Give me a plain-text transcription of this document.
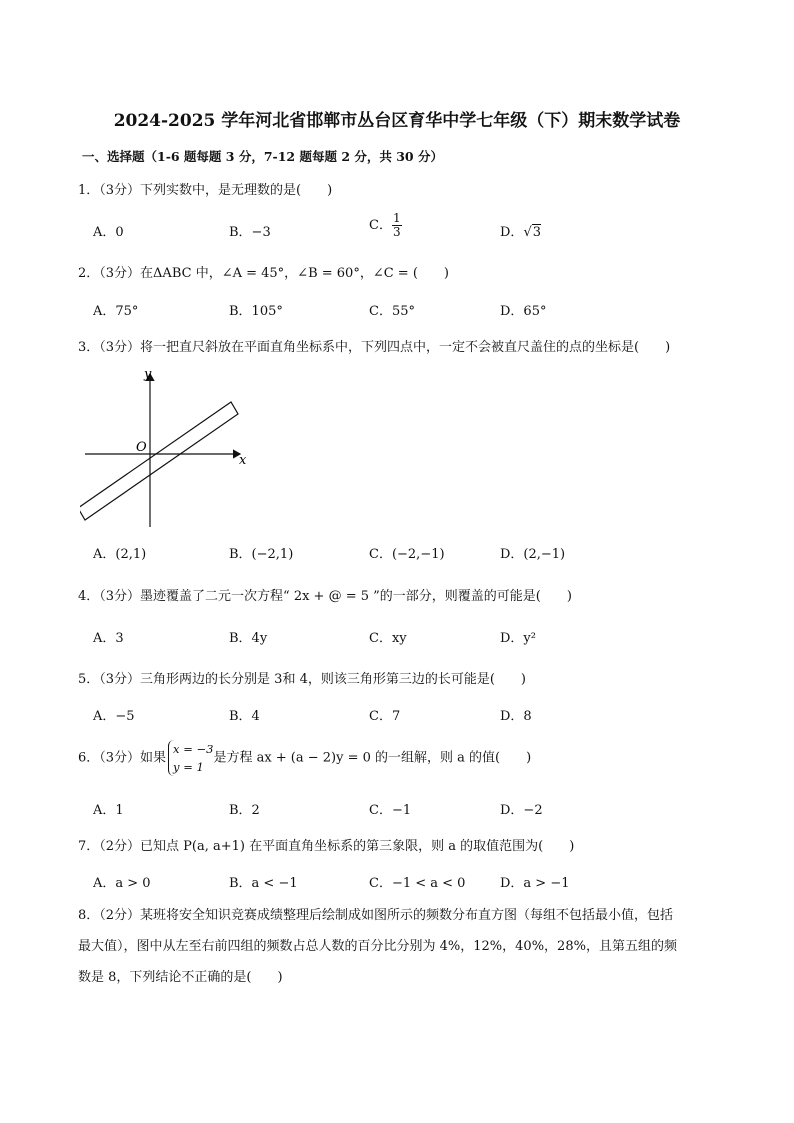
2024-2025 学年河北省邯郸市丛台区育华中学七年级（下）期末数学试卷
一、选择题（1-6 题每题 3 分，7-12 题每题 2 分，共 30 分）
1．（3分）下列实数中，是无理数的是(　　)
A．0	B．−3	C． $\frac{1}{3}$	D．√3
2．（3分）在ΔABC 中，∠A = 45°，∠B = 60°，∠C = (　　)
A．75°	B．105°	C．55°	D．65°
3．（3分）将一把直尺斜放在平面直角坐标系中，下列四点中，一定不会被直尺盖住的点的坐标是(　　)
y
x
O
A．(2,1)	B．(−2,1)	C．(−2,−1)	D．(2,−1)
4．（3分）墨迹覆盖了二元一次方程“ 2x + @ = 5 ”的一部分，则覆盖的可能是(　　)
A．3	B．4y	C．xy	D．y²
5．（3分）三角形两边的长分别是 3和 4，则该三角形第三边的长可能是(　　)
A．−5	B．4	C．7	D．8
6．（3分）如果
x = −3
y = 1
是方程 ax + (a − 2)y = 0 的一组解，则 a 的值(　　)
A．1	B．2	C．−1	D．−2
7．（2分）已知点 P(a, a+1) 在平面直角坐标系的第三象限，则 a 的取值范围为(　　)
A．a > 0	B．a < −1	C．−1 < a < 0	D．a > −1
8．（2分）某班将安全知识竞赛成绩整理后绘制成如图所示的频数分布直方图（每组不包括最小值，包括
最大值），图中从左至右前四组的频数占总人数的百分比分别为 4%，12%，40%，28%，且第五组的频
数是 8，下列结论不正确的是(　　)
